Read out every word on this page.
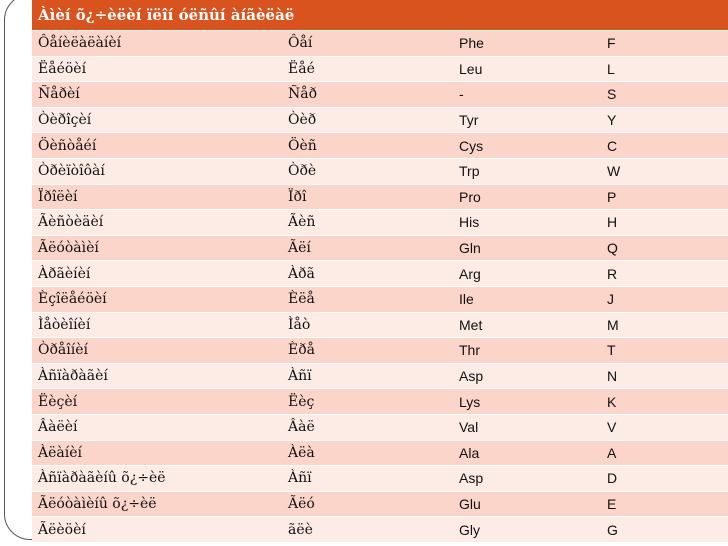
Àìèí õ¿÷èëèí ïëîí óëñûí àíãèëàë			
Ôåíèëàëàíèí	Ôåí	Phe	F
Ëåéöèí	Ëåé	Leu	L
Ñåðèí	Ñåð	-	S
Òèðîçèí	Òèð	Tyr	Y
Öèñòåéí	Öèñ	Cys	C
Òðèïòîôàí	Òðè	Trp	W
Ïðîëèí	Ïðî	Pro	P
Ãèñòèäèí	Ãèñ	His	H
Ãëóòàìèí	Ãëí	Gln	Q
Àðãèíèí	Àðã	Arg	R
Èçîëåéöèí	Èëå	Ile	J
Ìåòèîíèí	Ìåò	Met	M
Òðåîíèí	Èðå	Thr	T
Àñïàðàãèí	Àñï	Asp	N
Ëèçèí	Ëèç	Lys	K
Âàëèí	Âàë	Val	V
Àëàíèí	Àëà	Ala	A
Àñïàðàãèíû õ¿÷èë	Àñï	Asp	D
Ãëóòàìèíû õ¿÷èë	Ãëó	Glu	E
Ãëèöèí	ãëè	Gly	G
